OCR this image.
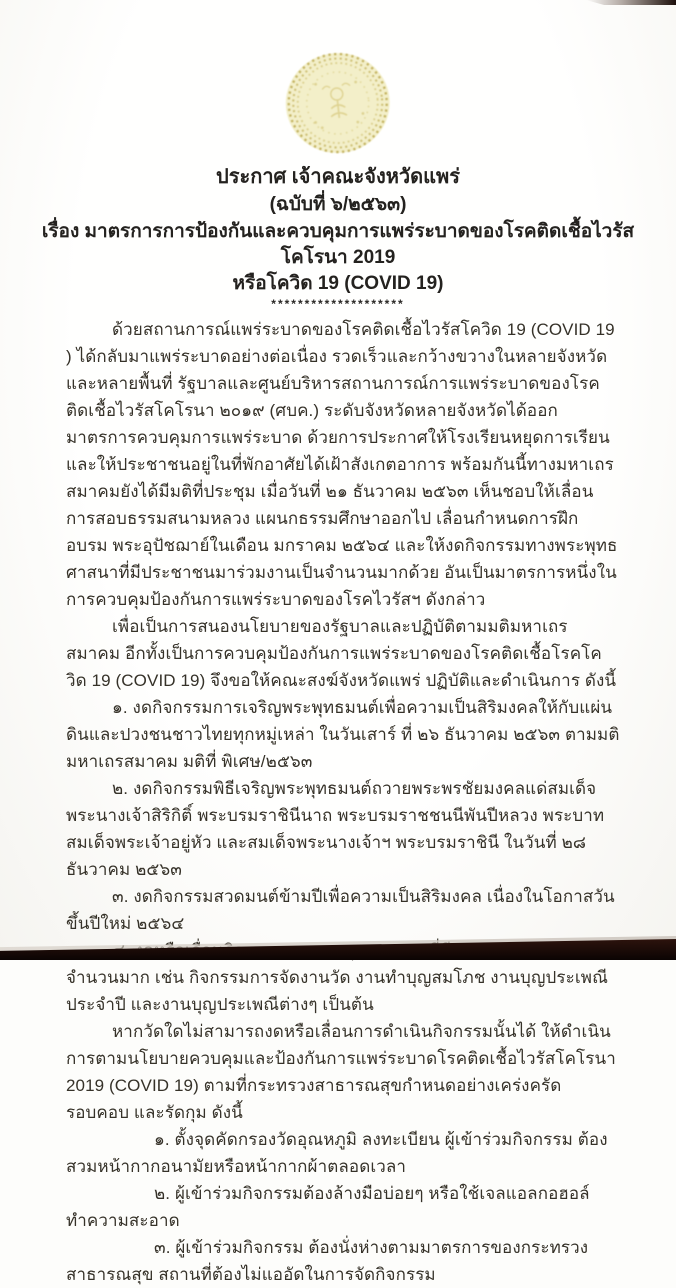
ประกาศ เจ้าคณะจังหวัดแพร่
(ฉบับที่ ๖/๒๕๖๓)
เรื่อง มาตรการการป้องกันและควบคุมการแพร่ระบาดของโรคติดเชื้อไวรัสโคโรนา 2019
หรือโควิด 19 (COVID 19)
********************

ด้วยสถานการณ์แพร่ระบาดของโรคติดเชื้อไวรัสโควิด 19 (COVID 19 ) ได้กลับมาแพร่ระบาดอย่างต่อเนื่อง รวดเร็วและกว้างขวางในหลายจังหวัดและหลายพื้นที่ รัฐบาลและศูนย์บริหารสถานการณ์การแพร่ระบาดของโรคติดเชื้อไวรัสโคโรนา ๒๐๑๙ (ศบค.) ระดับจังหวัดหลายจังหวัดได้ออกมาตรการควบคุมการแพร่ระบาด ด้วยการประกาศให้โรงเรียนหยุดการเรียนและให้ประชาชนอยู่ในที่พักอาศัยได้เฝ้าสังเกตอาการ พร้อมกันนี้ทางมหาเถรสมาคมยังได้มีมติที่ประชุม เมื่อวันที่ ๒๑ ธันวาคม ๒๕๖๓ เห็นชอบให้เลื่อนการสอบธรรมสนามหลวง แผนกธรรมศึกษาออกไป เลื่อนกำหนดการฝึกอบรม พระอุปัชฌาย์ในเดือน มกราคม ๒๕๖๔ และให้งดกิจกรรมทางพระพุทธศาสนาที่มีประชาชนมาร่วมงานเป็นจำนวนมากด้วย อันเป็นมาตรการหนึ่งในการควบคุมป้องกันการแพร่ระบาดของโรคไวรัสฯ ดังกล่าว

เพื่อเป็นการสนองนโยบายของรัฐบาลและปฏิบัติตามมติมหาเถรสมาคม อีกทั้งเป็นการควบคุมป้องกันการแพร่ระบาดของโรคติดเชื้อโรคโควิด 19 (COVID 19) จึงขอให้คณะสงฆ์จังหวัดแพร่ ปฏิบัติและดำเนินการ ดังนี้

๑. งดกิจกรรมการเจริญพระพุทธมนต์เพื่อความเป็นสิริมงคลให้กับแผ่นดินและปวงชนชาวไทยทุกหมู่เหล่า ในวันเสาร์ ที่ ๒๖ ธันวาคม ๒๕๖๓ ตามมติมหาเถรสมาคม มติที่ พิเศษ/๒๕๖๓

๒. งดกิจกรรมพิธีเจริญพระพุทธมนต์ถวายพระพรชัยมงคลแด่สมเด็จพระนางเจ้าสิริกิติ์ พระบรมราชินีนาถ พระบรมราชชนนีพันปีหลวง พระบาทสมเด็จพระเจ้าอยู่หัว และสมเด็จพระนางเจ้าฯ พระบรมราชินี ในวันที่ ๒๘ ธันวาคม ๒๕๖๓

๓. งดกิจกรรมสวดมนต์ข้ามปีเพื่อความเป็นสิริมงคล เนื่องในโอกาสวันขึ้นปีใหม่ ๒๕๖๔

จำนวนมาก เช่น กิจกรรมการจัดงานวัด งานทำบุญสมโภช งานบุญประเพณีประจำปี และงานบุญประเพณีต่างๆ เป็นต้น

หากวัดใดไม่สามารถงดหรือเลื่อนการดำเนินกิจกรรมนั้นได้ ให้ดำเนินการตามนโยบายควบคุมและป้องกันการแพร่ระบาดโรคติดเชื้อไวรัสโคโรนา 2019 (COVID 19) ตามที่กระทรวงสาธารณสุขกำหนดอย่างเคร่งครัด รอบคอบ และรัดกุม ดังนี้

๑. ตั้งจุดคัดกรองวัดอุณหภูมิ ลงทะเบียน ผู้เข้าร่วมกิจกรรม ต้องสวมหน้ากากอนามัยหรือหน้ากากผ้าตลอดเวลา

๒. ผู้เข้าร่วมกิจกรรมต้องล้างมือบ่อยๆ หรือใช้เจลแอลกอฮอล์ทำความสะอาด

๓. ผู้เข้าร่วมกิจกรรม ต้องนั่งห่างตามมาตรการของกระทรวงสาธารณสุข สถานที่ต้องไม่แออัดในการจัดกิจกรรม
